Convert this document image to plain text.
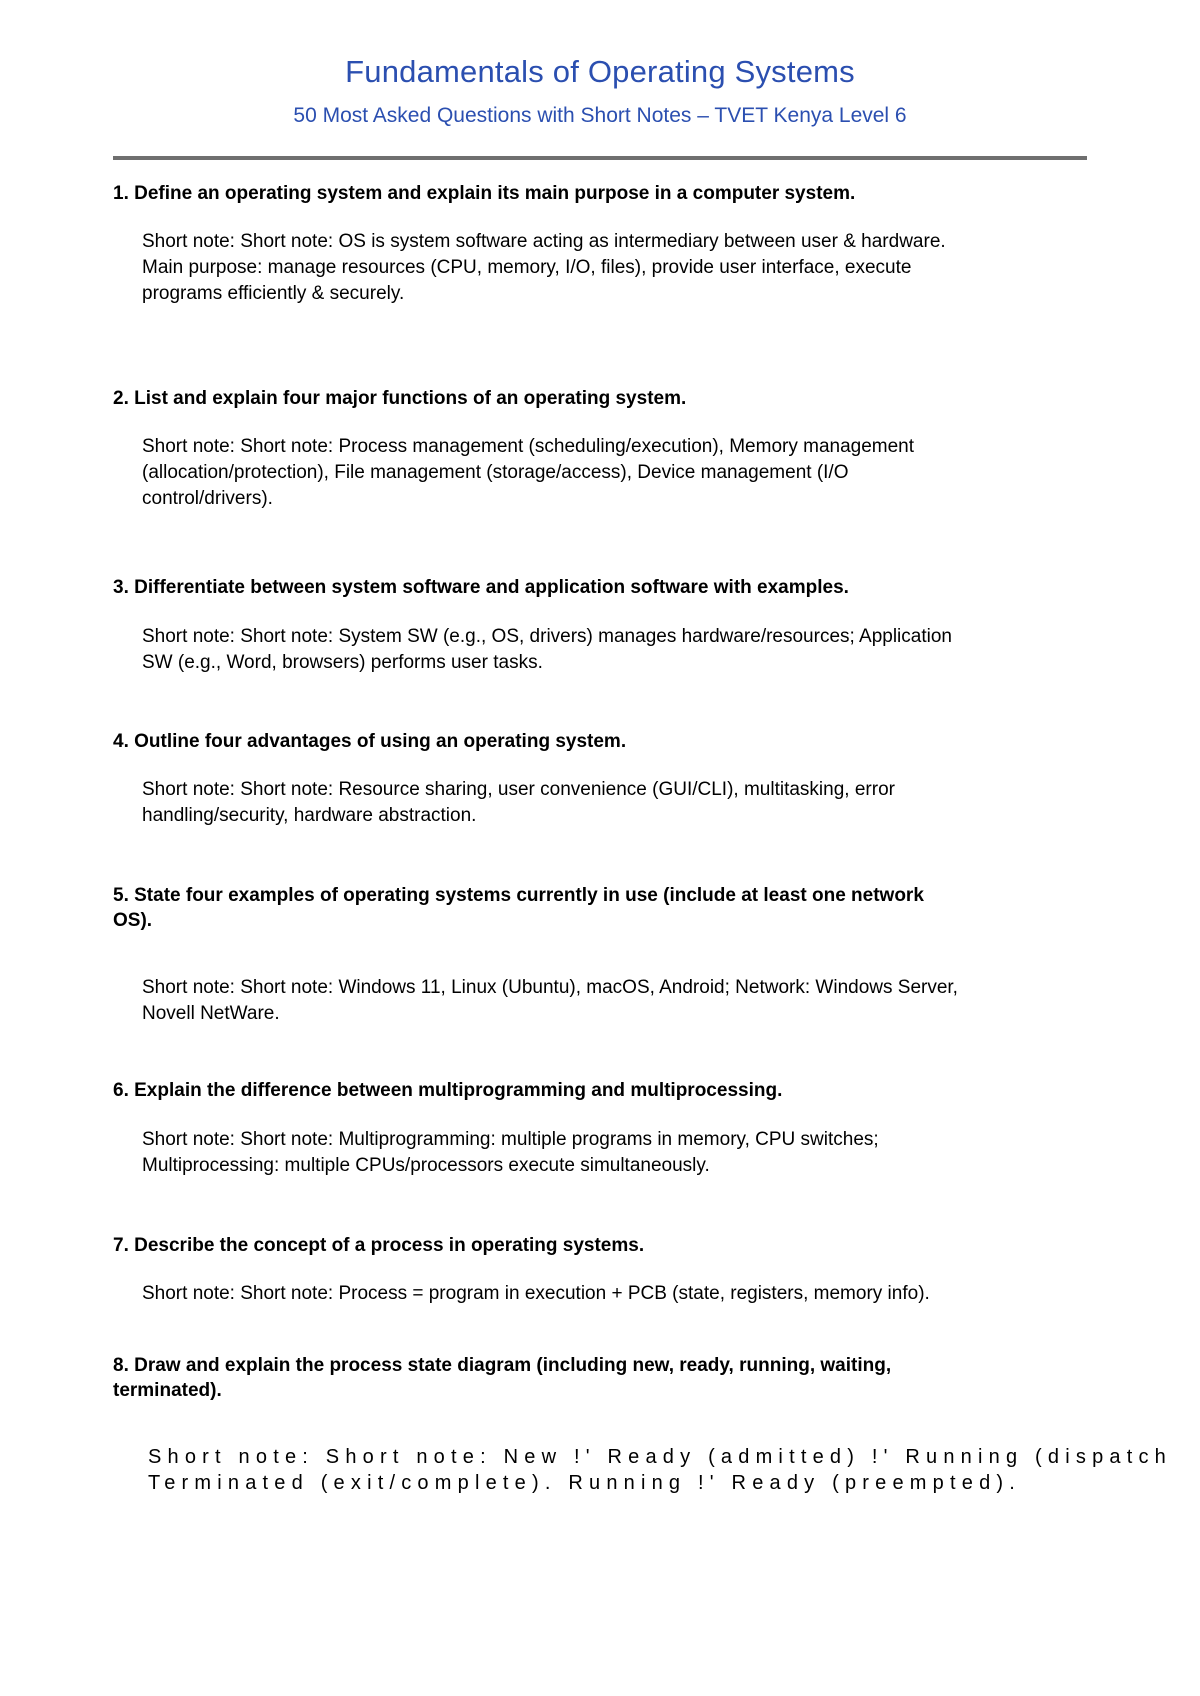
Fundamentals of Operating Systems
50 Most Asked Questions with Short Notes – TVET Kenya Level 6
1. Define an operating system and explain its main purpose in a computer system.
Short note: Short note: OS is system software acting as intermediary between user & hardware.
Main purpose: manage resources (CPU, memory, I/O, files), provide user interface, execute
programs efficiently & securely.
2. List and explain four major functions of an operating system.
Short note: Short note: Process management (scheduling/execution), Memory management
(allocation/protection), File management (storage/access), Device management (I/O
control/drivers).
3. Differentiate between system software and application software with examples.
Short note: Short note: System SW (e.g., OS, drivers) manages hardware/resources; Application
SW (e.g., Word, browsers) performs user tasks.
4. Outline four advantages of using an operating system.
Short note: Short note: Resource sharing, user convenience (GUI/CLI), multitasking, error
handling/security, hardware abstraction.
5. State four examples of operating systems currently in use (include at least one network
OS).
Short note: Short note: Windows 11, Linux (Ubuntu), macOS, Android; Network: Windows Server,
Novell NetWare.
6. Explain the difference between multiprogramming and multiprocessing.
Short note: Short note: Multiprogramming: multiple programs in memory, CPU switches;
Multiprocessing: multiple CPUs/processors execute simultaneously.
7. Describe the concept of a process in operating systems.
Short note: Short note: Process = program in execution + PCB (state, registers, memory info).
8. Draw and explain the process state diagram (including new, ready, running, waiting,
terminated).
Short note: Short note: New !' Ready (admitted) !' Running (dispatch
Terminated (exit/complete). Running !' Ready (preempted).
